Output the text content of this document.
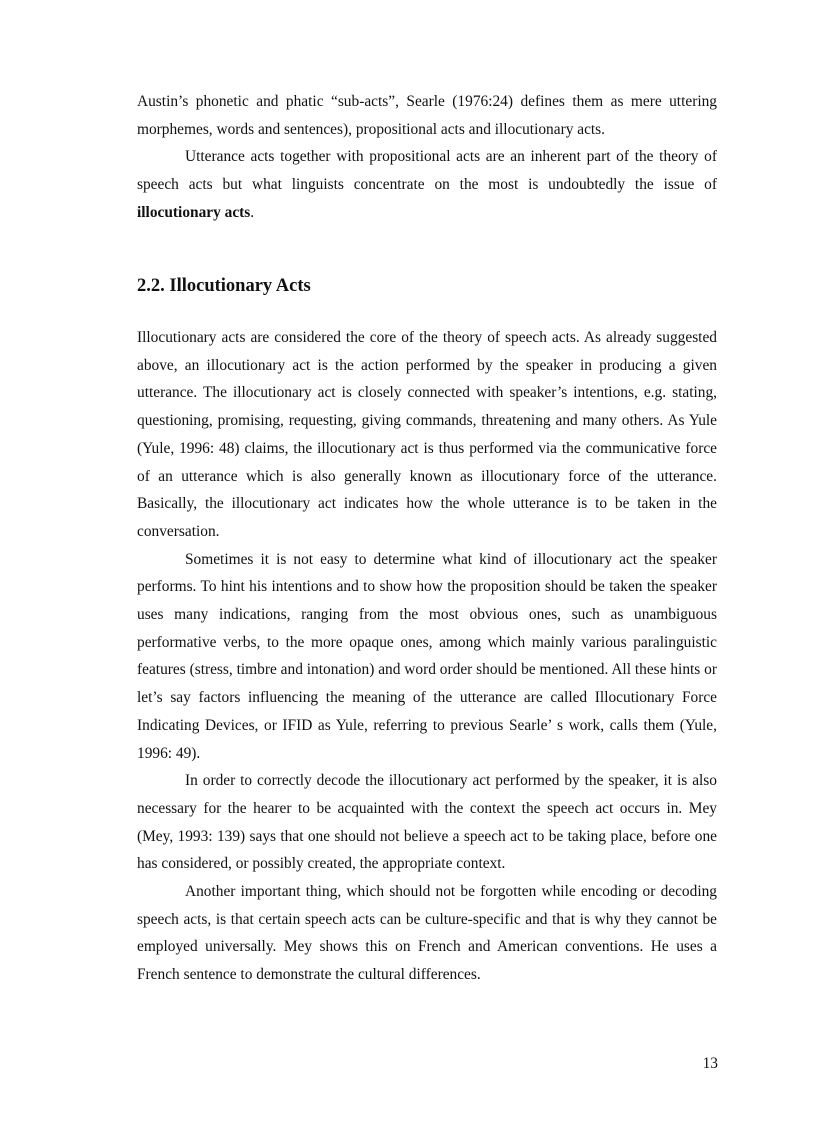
Austin’s phonetic and phatic “sub-acts”, Searle (1976:24) defines them as mere uttering morphemes, words and sentences), propositional acts and illocutionary acts.

Utterance acts together with propositional acts are an inherent part of the theory of speech acts but what linguists concentrate on the most is undoubtedly the issue of illocutionary acts.

2.2. Illocutionary Acts

Illocutionary acts are considered the core of the theory of speech acts. As already suggested above, an illocutionary act is the action performed by the speaker in producing a given utterance. The illocutionary act is closely connected with speaker’s intentions, e.g. stating, questioning, promising, requesting, giving commands, threatening and many others. As Yule (Yule, 1996: 48) claims, the illocutionary act is thus performed via the communicative force of an utterance which is also generally known as illocutionary force of the utterance. Basically, the illocutionary act indicates how the whole utterance is to be taken in the conversation.

Sometimes it is not easy to determine what kind of illocutionary act the speaker performs. To hint his intentions and to show how the proposition should be taken the speaker uses many indications, ranging from the most obvious ones, such as unambiguous performative verbs, to the more opaque ones, among which mainly various paralinguistic features (stress, timbre and intonation) and word order should be mentioned. All these hints or let’s say factors influencing the meaning of the utterance are called Illocutionary Force Indicating Devices, or IFID as Yule, referring to previous Searle’ s work, calls them (Yule, 1996: 49).

In order to correctly decode the illocutionary act performed by the speaker, it is also necessary for the hearer to be acquainted with the context the speech act occurs in. Mey (Mey, 1993: 139) says that one should not believe a speech act to be taking place, before one has considered, or possibly created, the appropriate context.

Another important thing, which should not be forgotten while encoding or decoding speech acts, is that certain speech acts can be culture-specific and that is why they cannot be employed universally. Mey shows this on French and American conventions. He uses a French sentence to demonstrate the cultural differences.

13
